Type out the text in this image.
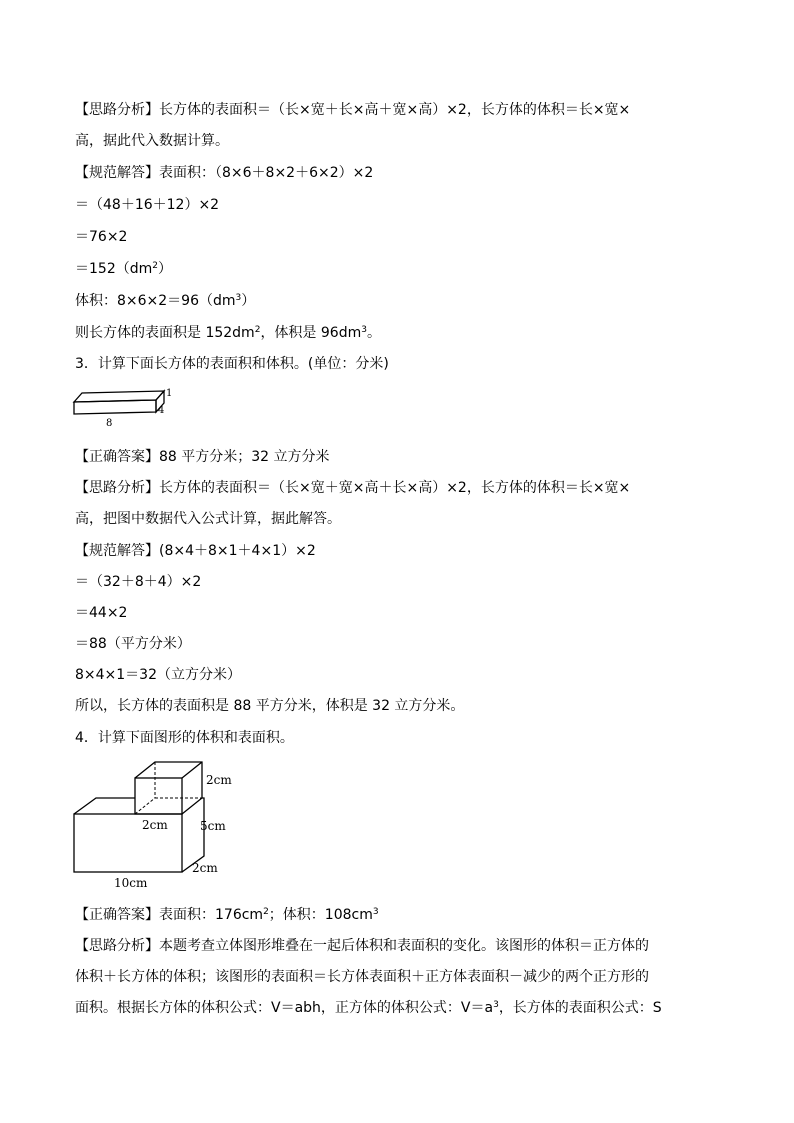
【思路分析】长方体的表面积＝（长×宽＋长×高＋宽×高）×2，长方体的体积＝长×宽×
高，据此代入数据计算。
【规范解答】表面积：（8×6＋8×2＋6×2）×2
＝（48＋16＋12）×2
＝76×2
$=152(dm^2)$
体积：$8\times 6\times 2=96(dm^3)$
则长方体的表面积是 $152dm^2$，体积是 $96dm^3$。
3．计算下面长方体的表面积和体积。(单位：分米)
1
4
8
【正确答案】88 平方分米；32 立方分米
【思路分析】长方体的表面积＝（长×宽＋宽×高＋长×高）×2，长方体的体积＝长×宽×
高，把图中数据代入公式计算，据此解答。
【规范解答】(8×4＋8×1＋4×1）×2
＝（32＋8＋4）×2
＝44×2
＝88（平方分米）
8×4×1＝32（立方分米）
所以，长方体的表面积是 88 平方分米，体积是 32 立方分米。
4．计算下面图形的体积和表面积。
2cm
2cm	5cm
2cm
10cm
【正确答案】表面积：$176cm^2$；体积：$108cm^3$
【思路分析】本题考查立体图形堆叠在一起后体积和表面积的变化。该图形的体积＝正方体的
体积＋长方体的体积；该图形的表面积＝长方体表面积＋正方体表面积－减少的两个正方形的
面积。根据长方体的体积公式：V＝abh，正方体的体积公式：$V=a^3$，长方体的表面积公式：S
